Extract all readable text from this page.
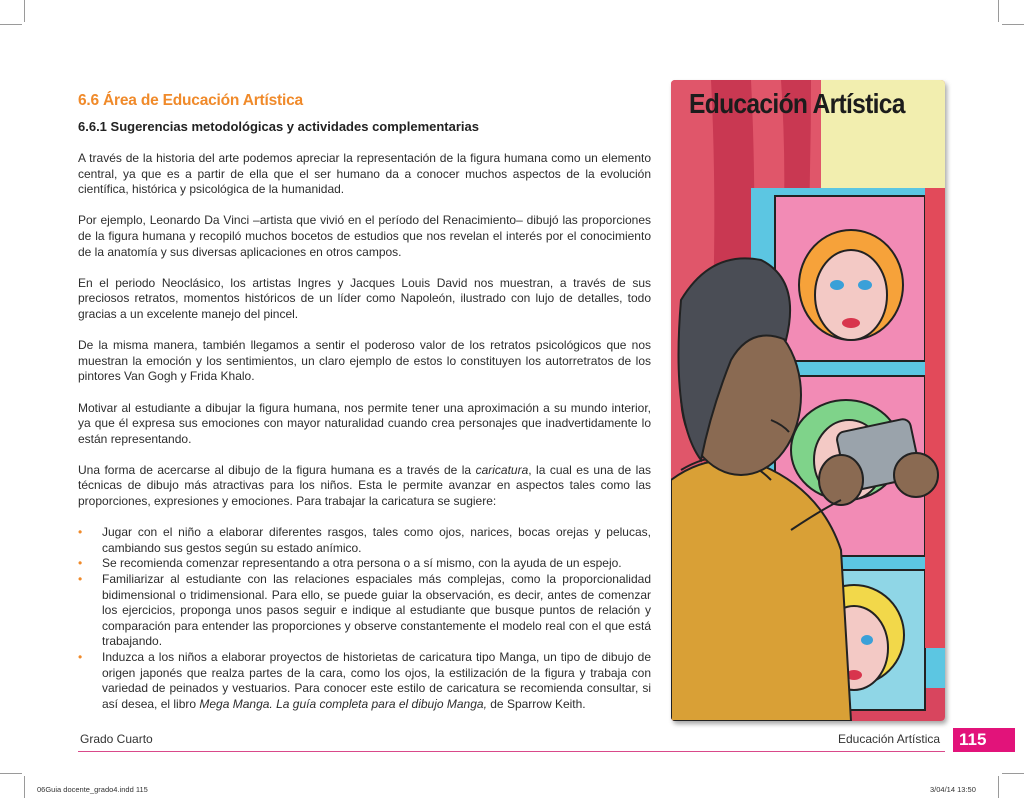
6.6 Área de Educación Artística
6.6.1 Sugerencias metodológicas y actividades complementarias

A través de la historia del arte podemos apreciar la representación de la figura humana como un elemento central, ya que es a partir de ella que el ser humano da a conocer muchos aspectos de la evolución científica, histórica y psicológica de la humanidad.

Por ejemplo, Leonardo Da Vinci –artista que vivió en el período del Renacimiento– dibujó las proporciones de la figura humana y recopiló muchos bocetos de estudios que nos revelan el interés por el conocimiento de la anatomía y sus diversas aplicaciones en otros campos.

En el periodo Neoclásico, los artistas Ingres y Jacques Louis David nos muestran, a través de sus preciosos retratos, momentos históricos de un líder como Napoleón, ilustrado con lujo de detalles, todo gracias a un excelente manejo del pincel.

De la misma manera, también llegamos a sentir el poderoso valor de los retratos psicológicos que nos muestran la emoción y los sentimientos, un claro ejemplo de estos lo constituyen los autorretratos de los pintores Van Gogh y Frida Khalo.

Motivar al estudiante a dibujar la figura humana, nos permite tener una aproximación a su mundo interior, ya que él expresa sus emociones con mayor naturalidad cuando crea personajes que inadvertidamente lo están representando.

Una forma de acercarse al dibujo de la figura humana es a través de la caricatura, la cual es una de las técnicas de dibujo más atractivas para los niños. Esta le permite avanzar en aspectos tales como las proporciones, expresiones y emociones. Para trabajar la caricatura se sugiere:

• Jugar con el niño a elaborar diferentes rasgos, tales como ojos, narices, bocas orejas y pelucas, cambiando sus gestos según su estado anímico.
• Se recomienda comenzar representando a otra persona o a sí mismo, con la ayuda de un espejo.
• Familiarizar al estudiante con las relaciones espaciales más complejas, como la proporcionalidad bidimensional o tridimensional. Para ello, se puede guiar la observación, es decir, antes de comenzar los ejercicios, proponga unos pasos seguir e indique al estudiante que busque puntos de relación y comparación para entender las proporciones y observe constantemente el modelo real con el que está trabajando.
• Induzca a los niños a elaborar proyectos de historietas de caricatura tipo Manga, un tipo de dibujo de origen japonés que realza partes de la cara, como los ojos, la estilización de la figura y trabaja con variedad de peinados y vestuarios. Para conocer este estilo de caricatura se recomienda consultar, si así desea, el libro Mega Manga. La guía completa para el dibujo Manga, de Sparrow Keith.
Educación Artística
Grado Cuarto	Educación Artística	115
06Guia docente_grado4.indd 115	3/04/14 13:50
